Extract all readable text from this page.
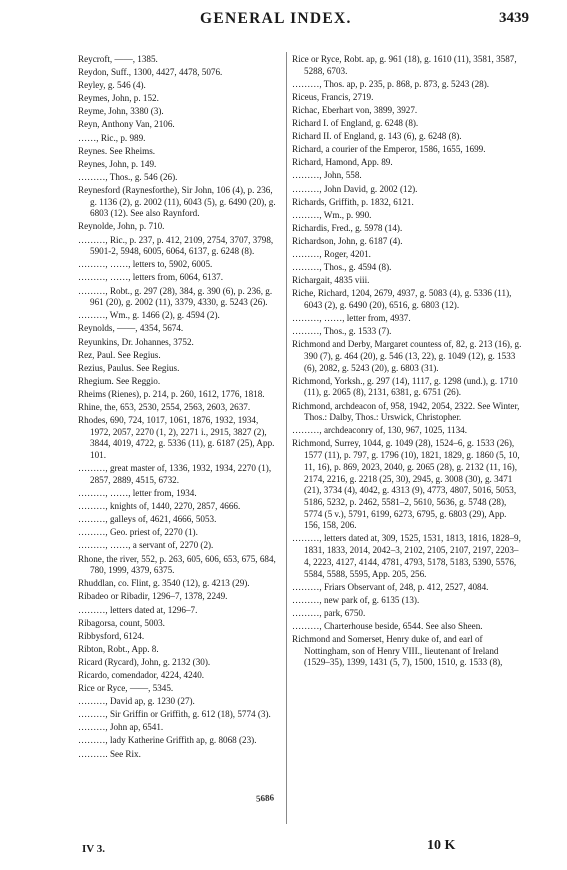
GENERAL INDEX.	3439
Reycroft, ——, 1385.
Reydon, Suff., 1300, 4427, 4478, 5076.
Reyley, g. 546 (4).
Reymes, John, p. 152.
Reyme, John, 3380 (3).
Reyn, Anthony Van, 2106.
……, Ric., p. 989.
Reynes. See Rheims.
Reynes, John, p. 149.
………, Thos., g. 546 (26).
Reynesford (Raynesforthe), Sir John, 106 (4), p. 236, g. 1136 (2), g. 2002 (11), 6043 (5), g. 6490 (20), g. 6803 (12). See also Raynford.
Reynolde, John, p. 710.
………, Ric., p. 237, p. 412, 2109, 2754, 3707, 3798, 5901-2, 5948, 6005, 6064, 6137, g. 6248 (8).
………, ……, letters to, 5902, 6005.
………, ……, letters from, 6064, 6137.
………, Robt., g. 297 (28), 384, g. 390 (6), p. 236, g. 961 (20), g. 2002 (11), 3379, 4330, g. 5243 (26).
………, Wm., g. 1466 (2), g. 4594 (2).
Reynolds, ——, 4354, 5674.
Reyunkins, Dr. Johannes, 3752.
Rez, Paul. See Regius.
Rezius, Paulus. See Regius.
Rhegium. See Reggio.
Rheims (Rienes), p. 214, p. 260, 1612, 1776, 1818.
Rhine, the, 653, 2530, 2554, 2563, 2603, 2637.
Rhodes, 690, 724, 1017, 1061, 1876, 1932, 1934, 1972, 2057, 2270 (1, 2), 2271 i., 2915, 3827 (2), 3844, 4019, 4722, g. 5336 (11), g. 6187 (25), App. 101.
………, great master of, 1336, 1932, 1934, 2270 (1), 2857, 2889, 4515, 6732.
………, ……, letter from, 1934.
………, knights of, 1440, 2270, 2857, 4666.
………, galleys of, 4621, 4666, 5053.
………, Geo. priest of, 2270 (1).
………, ……, a servant of, 2270 (2).
Rhone, the river, 552, p. 263, 605, 606, 653, 675, 684, 780, 1999, 4379, 6375.
Rhuddlan, co. Flint, g. 3540 (12), g. 4213 (29).
Ribadeo or Ribadir, 1296–7, 1378, 2249.
………, letters dated at, 1296–7.
Ribagorsa, count, 5003.
Ribbysford, 6124.
Ribton, Robt., App. 8.
Ricard (Rycard), John, g. 2132 (30).
Ricardo, comendador, 4224, 4240.
Rice or Ryce, ——, 5345.
………, David ap, g. 1230 (27).
………, Sir Griffin or Griffith, g. 612 (18), 5774 (3).
………, John ap, 6541.
………, lady Katherine Griffith ap, g. 8068 (23).
………. See Rix.
Rice or Ryce, Robt. ap, g. 961 (18), g. 1610 (11), 3581, 3587, 5288, 6703.
………, Thos. ap, p. 235, p. 868, p. 873, g. 5243 (28).
Riceus, Francis, 2719.
Richac, Eberhart von, 3899, 3927.
Richard I. of England, g. 6248 (8).
Richard II. of England, g. 143 (6), g. 6248 (8).
Richard, a courier of the Emperor, 1586, 1655, 1699.
Richard, Hamond, App. 89.
………, John, 558.
………, John David, g. 2002 (12).
Richards, Griffith, p. 1832, 6121.
………, Wm., p. 990.
Richardis, Fred., g. 5978 (14).
Richardson, John, g. 6187 (4).
………, Roger, 4201.
………, Thos., g. 4594 (8).
Richargait, 4835 viii.
Riche, Richard, 1204, 2679, 4937, g. 5083 (4), g. 5336 (11), 6043 (2), g. 6490 (20), 6516, g. 6803 (12).
………, ……, letter from, 4937.
………, Thos., g. 1533 (7).
Richmond and Derby, Margaret countess of, 82, g. 213 (16), g. 390 (7), g. 464 (20), g. 546 (13, 22), g. 1049 (12), g. 1533 (6), 2082, g. 5243 (20), g. 6803 (31).
Richmond, Yorksh., g. 297 (14), 1117, g. 1298 (und.), g. 1710 (11), g. 2065 (8), 2131, 6381, g. 6751 (26).
Richmond, archdeacon of, 958, 1942, 2054, 2322. See Winter, Thos.: Dalby, Thos.: Urswick, Christopher.
………, archdeaconry of, 130, 967, 1025, 1134.
Richmond, Surrey, 1044, g. 1049 (28), 1524–6, g. 1533 (26), 1577 (11), p. 797, g. 1796 (10), 1821, 1829, g. 1860 (5, 10, 11, 16), p. 869, 2023, 2040, g. 2065 (28), g. 2132 (11, 16), 2174, 2216, g. 2218 (25, 30), 2945, g. 3008 (30), g. 3471 (21), 3734 (4), 4042, g. 4313 (9), 4773, 4807, 5016, 5053, 5186, 5232, p. 2462, 5581–2, 5610, 5636, g. 5748 (28), 5774 (5 v.), 5791, 6199, 6273, 6795, g. 6803 (29), App. 156, 158, 206.
………, letters dated at, 309, 1525, 1531, 1813, 1816, 1828–9, 1831, 1833, 2014, 2042–3, 2102, 2105, 2107, 2197, 2203–4, 2223, 4127, 4144, 4781, 4793, 5178, 5183, 5390, 5576, 5584, 5588, 5595, App. 205, 256.
………, Friars Observant of, 248, p. 412, 2527, 4084.
………, new park of, g. 6135 (13).
………, park, 6750.
………, Charterhouse beside, 6544. See also Sheen.
Richmond and Somerset, Henry duke of, and earl of Nottingham, son of Henry VIII., lieutenant of Ireland (1529–35), 1399, 1431 (5, 7), 1500, 1510, g. 1533 (8),
5686
IV 3.	10 K
